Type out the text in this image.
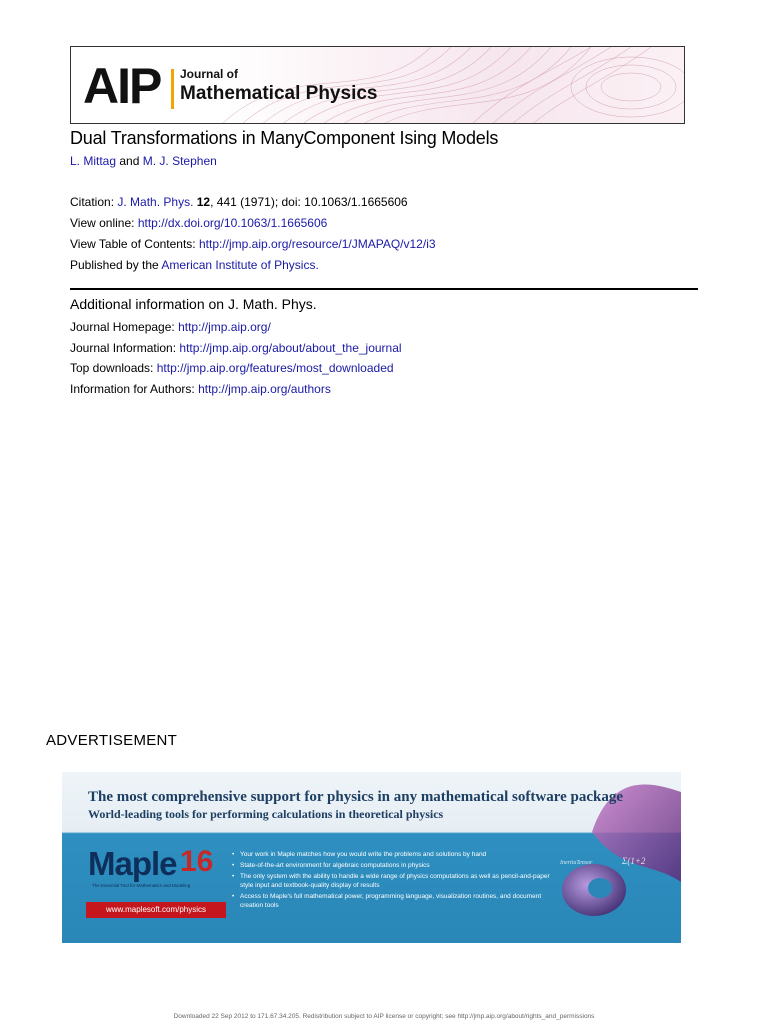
AIP Journal of
Mathematical Physics
Dual Transformations in ManyComponent Ising Models
L. Mittag and M. J. Stephen
Citation: J. Math. Phys. 12, 441 (1971); doi: 10.1063/1.1665606
View online: http://dx.doi.org/10.1063/1.1665606
View Table of Contents: http://jmp.aip.org/resource/1/JMAPAQ/v12/i3
Published by the American Institute of Physics.
Additional information on J. Math. Phys.
Journal Homepage: http://jmp.aip.org/
Journal Information: http://jmp.aip.org/about/about_the_journal
Top downloads: http://jmp.aip.org/features/most_downloaded
Information for Authors: http://jmp.aip.org/authors
ADVERTISEMENT
Σ(1+2
InertiaTensor
The most comprehensive support for physics in any mathematical software package
World-leading tools for performing calculations in theoretical physics
Maple 16
The Essential Tool for Mathematics and Modeling
www.maplesoft.com/physics
• Your work in Maple matches how you would write the problems and solutions by hand
• State-of-the-art environment for algebraic computations in physics
• The only system with the ability to handle a wide range of physics computations as well as pencil-and-paper style input and textbook-quality display of results
• Access to Maple's full mathematical power, programming language, visualization routines, and document creation tools
Downloaded 22 Sep 2012 to 171.67.34.205. Redistribution subject to AIP license or copyright; see http://jmp.aip.org/about/rights_and_permissions
